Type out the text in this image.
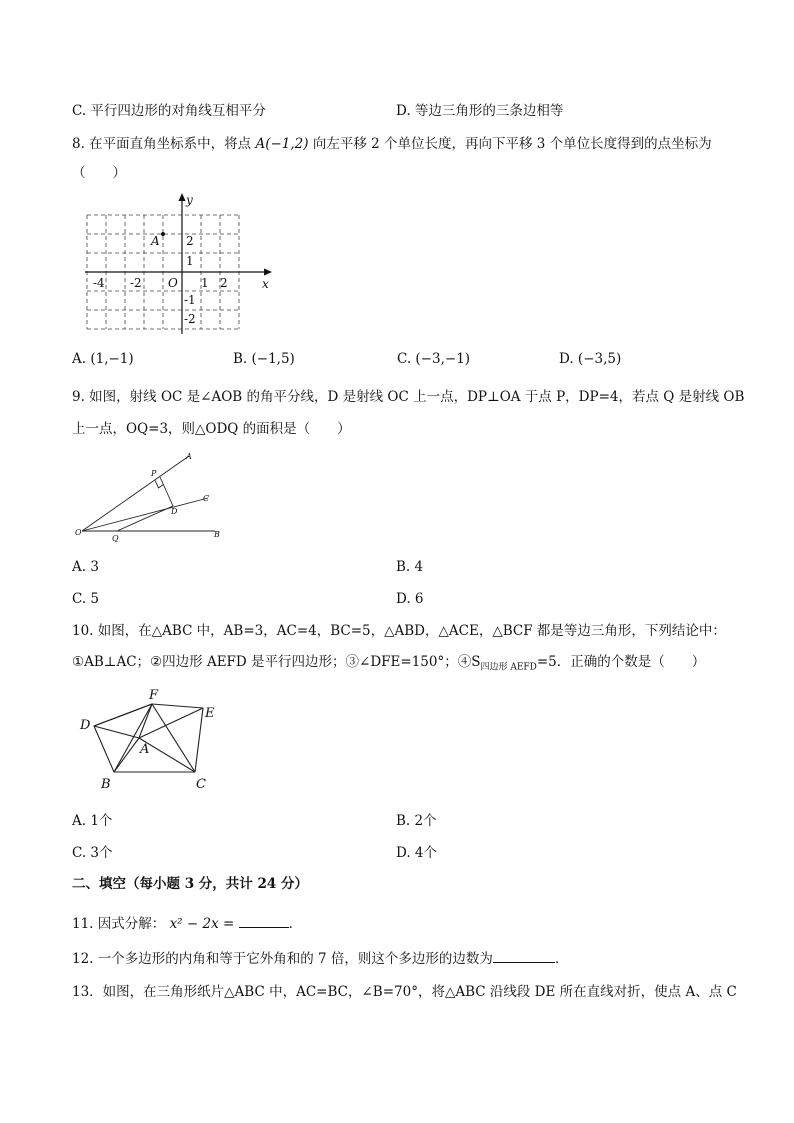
C. 平行四边形的对角线互相平分	D. 等边三角形的三条边相等
8. 在平面直角坐标系中，将点 A(−1,2) 向左平移 2 个单位长度，再向下平移 3 个单位长度得到的点坐标为
（　　）
-4 -2	1 2
2
1
-1
-2
O
A
x
y
A. (1,−1)	B. (−1,5)	C. (−3,−1)	D. (−3,5)
9. 如图，射线 OC 是∠AOB 的角平分线，D 是射线 OC 上一点，DP⊥OA 于点 P，DP=4，若点 Q 是射线 OB
上一点，OQ=3，则△ODQ 的面积是（　　）
A
P
C
D
O
Q	B
A. 3	B. 4
C. 5	D. 6
10. 如图，在△ABC 中，AB=3，AC=4，BC=5，△ABD，△ACE，△BCF 都是等边三角形，下列结论中：
①AB⊥AC；②四边形 AEFD 是平行四边形；③∠DFE=150°；$④S_{四边形 AEFD}=5$．正确的个数是（　　）
F
E
D
A
B	C
A. 1个	B. 2个
C. 3个	D. 4个
二、填空（每小题 3 分，共计 24 分）
11. 因式分解： x² − 2x =	．
12. 一个多边形的内角和等于它外角和的 7 倍，则这个多边形的边数为	．
13．如图，在三角形纸片△ABC 中，AC=BC，∠B=70°，将△ABC 沿线段 DE 所在直线对折，使点 A、点 C
